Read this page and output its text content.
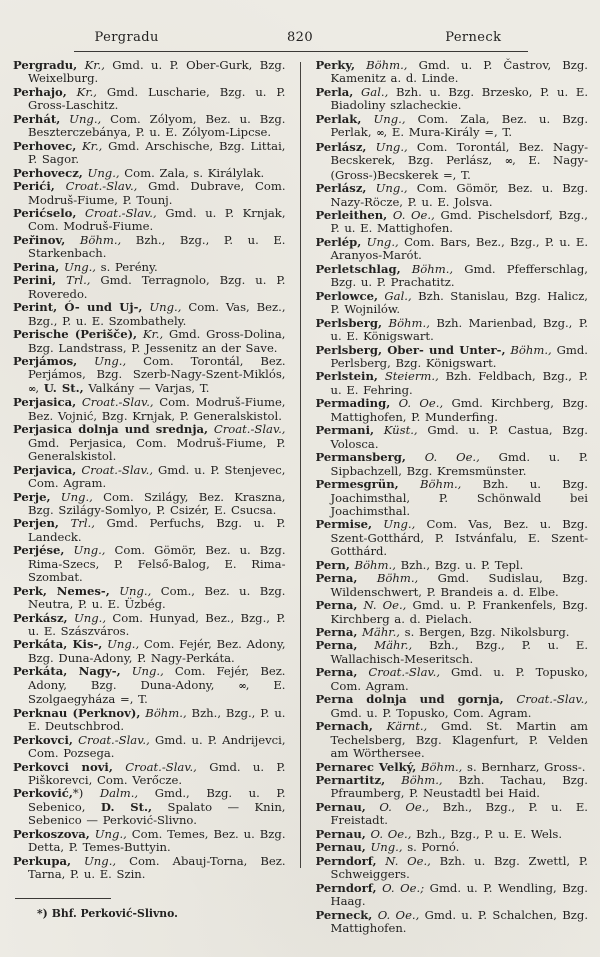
Pergradu	820	Perneck

Pergradu, Kr., Gmd. u. P. Ober-Gurk, Bzg. Weixelburg.

Perhajo, Kr., Gmd. Luscharie, Bzg. u. P. Gross-Laschitz.

Perhát, Ung., Com. Zólyom, Bez. u. Bzg. Beszterczebánya, P. u. E. Zólyom-Lipcse.

Perhovec, Kr., Gmd. Arschische, Bzg. Littai, P. Sagor.

Perhovecz, Ung., Com. Zala, s. Királylak.

Perići, Croat.-Slav., Gmd. Dubrave, Com. Modruš-Fiume, P. Tounj.

Perićselo, Croat.-Slav., Gmd. u. P. Krnjak, Com. Modruš-Fiume.

Peřinov, Böhm., Bzh., Bzg., P. u. E. Starkenbach.

Perina, Ung., s. Perény.

Perini, Trl., Gmd. Terragnolo, Bzg. u. P. Roveredo.

Perint, Ó- und Uj-, Ung., Com. Vas, Bez., Bzg., P. u. E. Szombathely.

Perische (Perišče), Kr., Gmd. Gross-Dolina, Bzg. Landstrass, P. Jessenitz an der Save.

Perjámos, Ung., Com. Torontál, Bez. Perjámos, Bzg. Szerb-Nagy-Szent-Miklós, ∞, U. St., Valkány — Varjas, T.

Perjasica, Croat.-Slav., Com. Modruš-Fiume, Bez. Vojnić, Bzg. Krnjak, P. Generalskistol.

Perjasica dolnja und srednja, Croat.-Slav., Gmd. Perjasica, Com. Modruš-Fiume, P. Generalskistol.

Perjavica, Croat.-Slav., Gmd. u. P. Stenjevec, Com. Agram.

Perje, Ung., Com. Szilágy, Bez. Kraszna, Bzg. Szilágy-Somlyo, P. Csizér, E. Csucsa.

Perjen, Trl., Gmd. Perfuchs, Bzg. u. P. Landeck.

Perjése, Ung., Com. Gömör, Bez. u. Bzg. Rima-Szecs, P. Felső-Balog, E. Rima-Szombat.

Perk, Nemes-, Ung., Com., Bez. u. Bzg. Neutra, P. u. E. Üzbég.

Perkász, Ung., Com. Hunyad, Bez., Bzg., P. u. E. Szászváros.

Perkáta, Kis-, Ung., Com. Fejér, Bez. Adony, Bzg. Duna-Adony, P. Nagy-Perkáta.

Perkáta, Nagy-, Ung., Com. Fejér, Bez. Adony, Bzg. Duna-Adony, ∞, E. Szolgaegyháza =, T.

Perknau (Perknov), Böhm., Bzh., Bzg., P. u. E. Deutschbrod.

Perkovci, Croat.-Slav., Gmd. u. P. Andrijevci, Com. Pozsega.

Perkovci novi, Croat.-Slav., Gmd. u. P. Piškorevci, Com. Verőcze.

Perković,*) Dalm., Gmd., Bzg. u. P. Sebenico, D. St., Spalato — Knin, Sebenico — Perković-Slivno.

Perkoszova, Ung., Com. Temes, Bez. u. Bzg. Detta, P. Temes-Buttyin.

Perkupa, Ung., Com. Abauj-Torna, Bez. Tarna, P. u. E. Szin.

*) Bhf. Perković-Slivno.

Perky, Böhm., Gmd. u. P. Častrov, Bzg. Kamenitz a. d. Linde.

Perla, Gal., Bzh. u. Bzg. Brzesko, P. u. E. Biadoliny szlacheckie.

Perlak, Ung., Com. Zala, Bez. u. Bzg. Perlak, ∞, E. Mura-Király =, T.

Perlász, Ung., Com. Torontál, Bez. Nagy-Becskerek, Bzg. Perlász, ∞, E. Nagy-(Gross-)Becskerek =, T.

Perlász, Ung., Com. Gömör, Bez. u. Bzg. Nazy-Röcze, P. u. E. Jolsva.

Perleithen, O. Oe., Gmd. Pischelsdorf, Bzg., P. u. E. Mattighofen.

Perlép, Ung., Com. Bars, Bez., Bzg., P. u. E. Aranyos-Marót.

Perletschlag, Böhm., Gmd. Pfefferschlag, Bzg. u. P. Prachatitz.

Perlowce, Gal., Bzh. Stanislau, Bzg. Halicz, P. Wojnilów.

Perlsberg, Böhm., Bzh. Marienbad, Bzg., P. u. E. Königswart.

Perlsberg, Ober- und Unter-, Böhm., Gmd. Perlsberg, Bzg. Königswart.

Perlstein, Steierm., Bzh. Feldbach, Bzg., P. u. E. Fehring.

Permading, O. Oe., Gmd. Kirchberg, Bzg. Mattighofen, P. Munderfing.

Permani, Küst., Gmd. u. P. Castua, Bzg. Volosca.

Permansberg, O. Oe., Gmd. u. P. Sipbachzell, Bzg. Kremsmünster.

Permesgrün, Böhm., Bzh. u. Bzg. Joachimsthal, P. Schönwald bei Joachimsthal.

Permise, Ung., Com. Vas, Bez. u. Bzg. Szent-Gotthárd, P. Istvánfalu, E. Szent-Gotthárd.

Pern, Böhm., Bzh., Bzg. u. P. Tepl.

Perna, Böhm., Gmd. Sudislau, Bzg. Wildenschwert, P. Brandeis a. d. Elbe.

Perna, N. Oe., Gmd. u. P. Frankenfels, Bzg. Kirchberg a. d. Pielach.

Perna, Mähr., s. Bergen, Bzg. Nikolsburg.

Perna, Mähr., Bzh., Bzg., P. u. E. Wallachisch-Meseritsch.

Perna, Croat.-Slav., Gmd. u. P. Topusko, Com. Agram.

Perna dolnja und gornja, Croat.-Slav., Gmd. u. P. Topusko, Com. Agram.

Pernach, Kärnt., Gmd. St. Martin am Techelsberg, Bzg. Klagenfurt, P. Velden am Wörthersee.

Pernarec Velký, Böhm., s. Bernharz, Gross-.

Pernartitz, Böhm., Bzh. Tachau, Bzg. Pfraumberg, P. Neustadtl bei Haid.

Pernau, O. Oe., Bzh., Bzg., P. u. E. Freistadt.

Pernau, O. Oe., Bzh., Bzg., P. u. E. Wels.

Pernau, Ung., s. Pornó.

Perndorf, N. Oe., Bzh. u. Bzg. Zwettl, P. Schweiggers.

Perndorf, O. Oe.; Gmd. u. P. Wendling, Bzg. Haag.

Perneck, O. Oe., Gmd. u. P. Schalchen, Bzg. Mattighofen.
